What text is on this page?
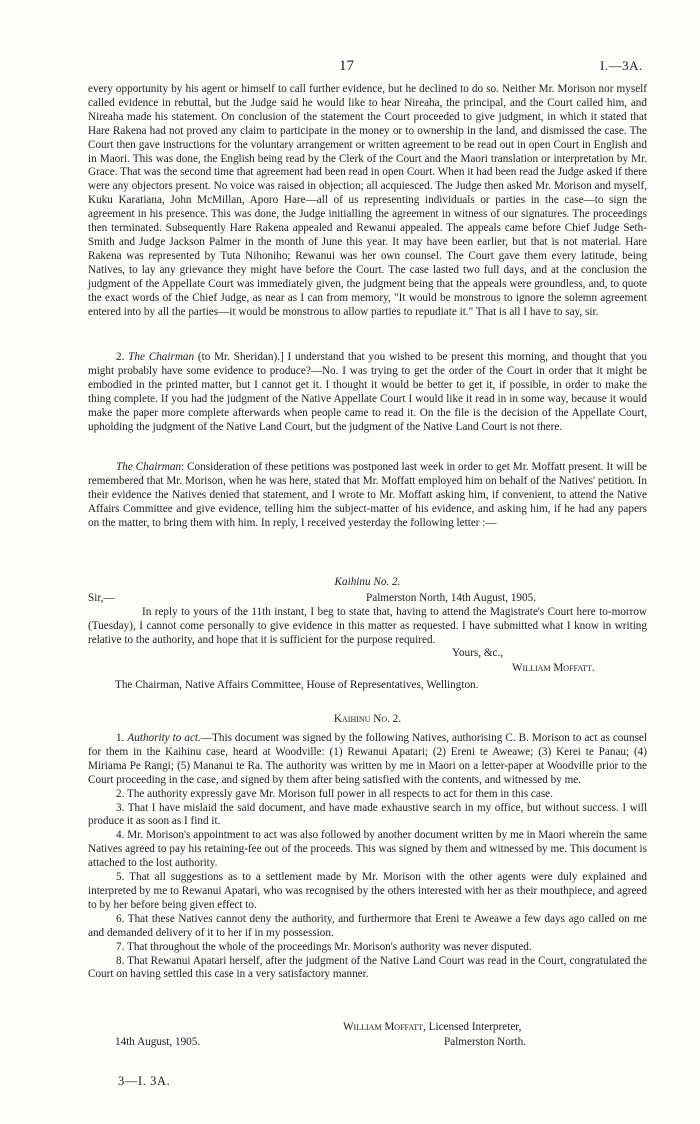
17	I.—3A.

every opportunity by his agent or himself to call further evidence, but he declined to do so. Neither Mr. Morison nor myself called evidence in rebuttal, but the Judge said he would like to hear Nireaha, the principal, and the Court called him, and Nireaha made his statement. On conclusion of the statement the Court proceeded to give judgment, in which it stated that Hare Rakena had not proved any claim to participate in the money or to ownership in the land, and dismissed the case. The Court then gave instructions for the voluntary arrangement or written agreement to be read out in open Court in English and in Maori. This was done, the English being read by the Clerk of the Court and the Maori translation or interpretation by Mr. Grace. That was the second time that agreement had been read in open Court. When it had been read the Judge asked if there were any objectors present. No voice was raised in objection; all acquiesced. The Judge then asked Mr. Morison and myself, Kuku Karatiana, John McMillan, Aporo Hare—all of us representing individuals or parties in the case—to sign the agreement in his presence. This was done, the Judge initialling the agreement in witness of our signatures. The proceedings then terminated. Subsequently Hare Rakena appealed and Rewanui appealed. The appeals came before Chief Judge Seth-Smith and Judge Jackson Palmer in the month of June this year. It may have been earlier, but that is not material. Hare Rakena was represented by Tuta Nihoniho; Rewanui was her own counsel. The Court gave them every latitude, being Natives, to lay any grievance they might have before the Court. The case lasted two full days, and at the conclusion the judgment of the Appellate Court was immediately given, the judgment being that the appeals were groundless, and, to quote the exact words of the Chief Judge, as near as I can from memory, "It would be monstrous to ignore the solemn agreement entered into by all the parties—it would be monstrous to allow parties to repudiate it." That is all I have to say, sir.

2. The Chairman (to Mr. Sheridan).] I understand that you wished to be present this morning, and thought that you might probably have some evidence to produce?—No. I was trying to get the order of the Court in order that it might be embodied in the printed matter, but I cannot get it. I thought it would be better to get it, if possible, in order to make the thing complete. If you had the judgment of the Native Appellate Court I would like it read in in some way, because it would make the paper more complete afterwards when people came to read it. On the file is the decision of the Appellate Court, upholding the judgment of the Native Land Court, but the judgment of the Native Land Court is not there.

The Chairman: Consideration of these petitions was postponed last week in order to get Mr. Moffatt present. It will be remembered that Mr. Morison, when he was here, stated that Mr. Moffatt employed him on behalf of the Natives' petition. In their evidence the Natives denied that statement, and I wrote to Mr. Moffatt asking him, if convenient, to attend the Native Affairs Committee and give evidence, telling him the subject-matter of his evidence, and asking him, if he had any papers on the matter, to bring them with him. In reply, I received yesterday the following letter :—

Kaihinu No. 2.
Sir,—	Palmerston North, 14th August, 1905.

In reply to yours of the 11th instant, I beg to state that, having to attend the Magistrate's Court here to-morrow (Tuesday), I cannot come personally to give evidence in this matter as requested. I have submitted what I know in writing relative to the authority, and hope that it is sufficient for the purpose required.

Yours, &c.,
William Moffatt.
The Chairman, Native Affairs Committee, House of Representatives, Wellington.
Kaihinu No. 2.

1. Authority to act.—This document was signed by the following Natives, authorising C. B. Morison to act as counsel for them in the Kaihinu case, heard at Woodville: (1) Rewanui Apatari; (2) Ereni te Aweawe; (3) Kerei te Panau; (4) Miriama Pe Rangi; (5) Mananui te Ra. The authority was written by me in Maori on a letter-paper at Woodville prior to the Court proceeding in the case, and signed by them after being satisfied with the contents, and witnessed by me.

2. The authority expressly gave Mr. Morison full power in all respects to act for them in this case.

3. That I have mislaid the said document, and have made exhaustive search in my office, but without success. I will produce it as soon as I find it.

4. Mr. Morison's appointment to act was also followed by another document written by me in Maori wherein the same Natives agreed to pay his retaining-fee out of the proceeds. This was signed by them and witnessed by me. This document is attached to the lost authority.

5. That all suggestions as to a settlement made by Mr. Morison with the other agents were duly explained and interpreted by me to Rewanui Apatari, who was recognised by the others interested with her as their mouthpiece, and agreed to by her before being given effect to.

6. That these Natives cannot deny the authority, and furthermore that Ereni te Aweawe a few days ago called on me and demanded delivery of it to her if in my possession.

7. That throughout the whole of the proceedings Mr. Morison's authority was never disputed.

8. That Rewanui Apatari herself, after the judgment of the Native Land Court was read in the Court, congratulated the Court on having settled this case in a very satisfactory manner.

William Moffatt, Licensed Interpreter,
14th August, 1905.	Palmerston North.
3—I. 3A.
